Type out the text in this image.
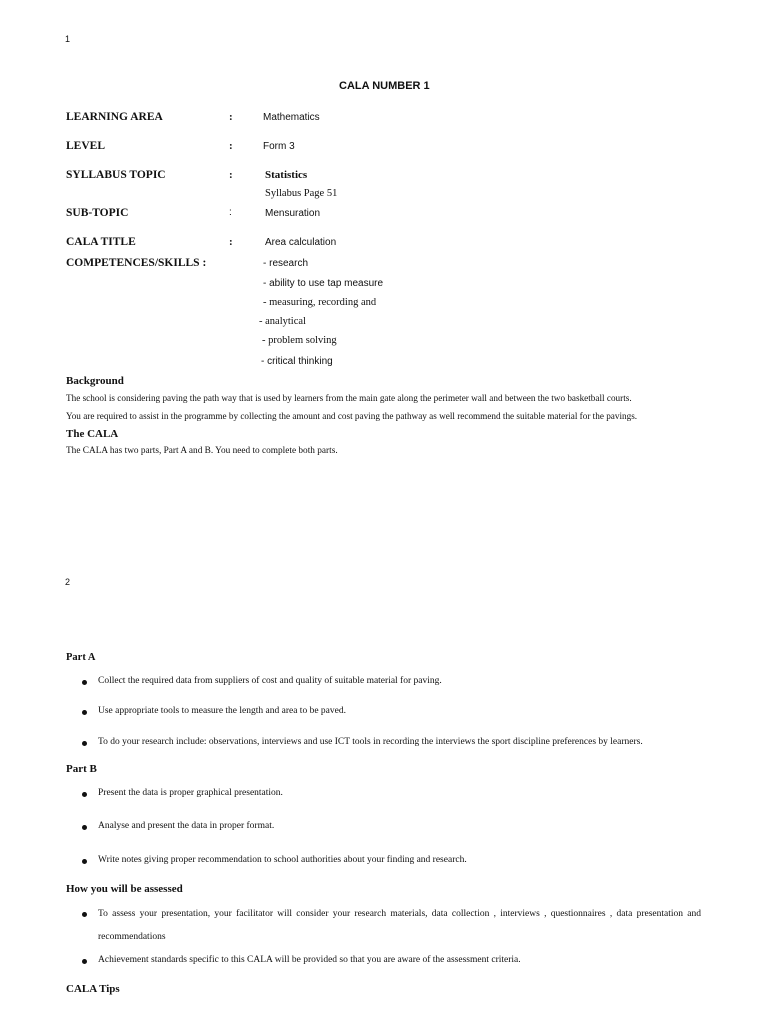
1
CALA NUMBER 1
LEARNING AREA	:	Mathematics
LEVEL	:	Form 3
SYLLABUS TOPIC	:	Statistics
Syllabus Page 51
SUB-TOPIC	:	Mensuration
CALA TITLE	:	Area calculation
COMPETENCES/SKILLS :	- research
- ability to use tap measure
- measuring, recording and
- analytical
- problem solving
- critical thinking
Background
The school is considering paving the path way that is used by learners from the main gate along the perimeter wall and between the two basketball courts.
You are required to assist in the programme by collecting the amount and cost paving the pathway as well recommend the suitable material for the pavings.
The CALA
The CALA has two parts, Part A and B. You need to complete both parts.
2
Part A
Collect the required data from suppliers of cost and quality of suitable material for paving.
Use appropriate tools to measure the length and area to be paved.
To do your research include: observations, interviews and use ICT tools in recording the interviews the sport discipline preferences by learners.
Part B
Present the data is proper graphical presentation.
Analyse and present the data in proper format.
Write notes giving proper recommendation to school authorities about your finding and research.
How you will be assessed
To assess your presentation, your facilitator will consider your research materials, data collection , interviews , questionnaires , data presentation and recommendations
Achievement standards specific to this CALA will be provided so that you are aware of the assessment criteria.
CALA Tips
